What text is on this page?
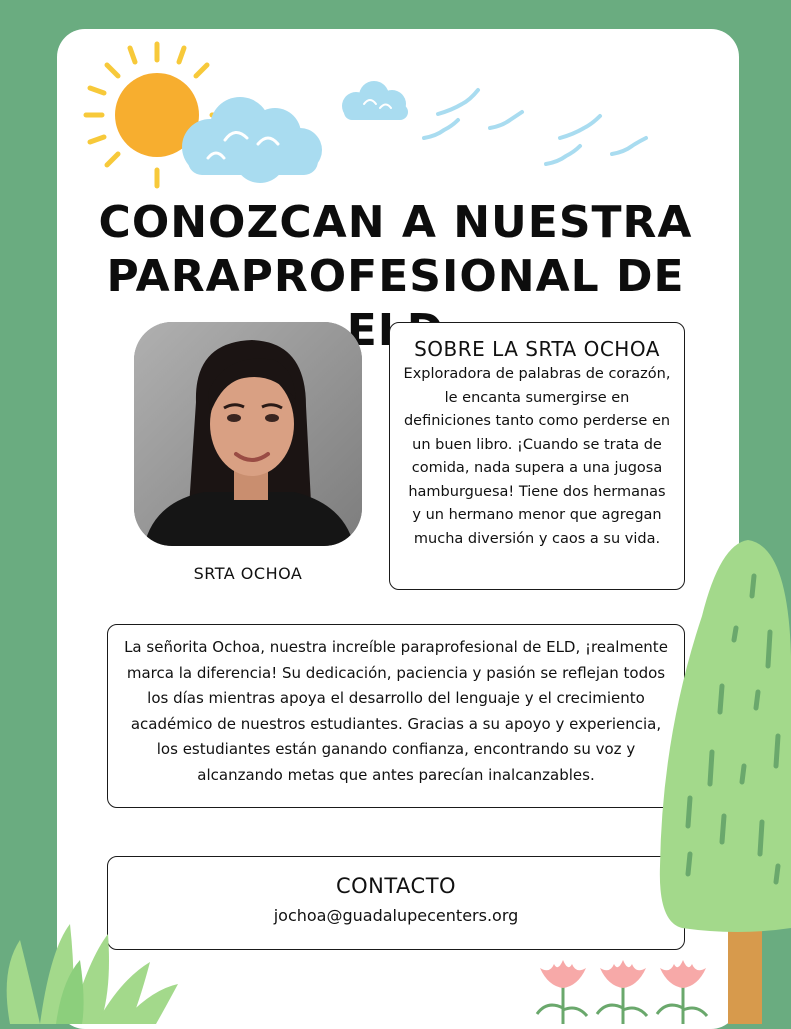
CONOZCAN A NUESTRA
PARAPROFESIONAL DE
SRTA OCHOA
SOBRE LA SRTA OCHOA
Exploradora de palabras de corazón, le encanta sumergirse en definiciones tanto como perderse en un buen libro. ¡Cuando se trata de comida, nada supera a una jugosa hamburguesa! Tiene dos hermanas y un hermano menor que agregan mucha diversión y caos a su vida.
La señorita Ochoa, nuestra increíble paraprofesional de ELD, ¡realmente marca la diferencia! Su dedicación, paciencia y pasión se reflejan todos los días mientras apoya el desarrollo del lenguaje y el crecimiento académico de nuestros estudiantes. Gracias a su apoyo y experiencia, los estudiantes están ganando confianza, encontrando su voz y alcanzando metas que antes parecían inalcanzables.
CONTACTO
jochoa@guadalupecenters.org
